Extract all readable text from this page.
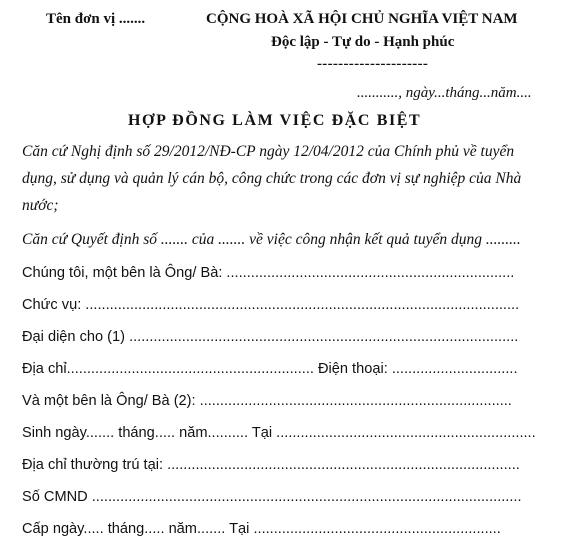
Tên đơn vị .......	CỘNG HOÀ XÃ HỘI CHỦ NGHĨA VIỆT NAM
Độc lập - Tự do - Hạnh phúc
---------------------
..........., ngày...tháng...năm....
HỢP ĐỒNG LÀM VIỆC ĐẶC BIỆT
Căn cứ Nghị định số 29/2012/NĐ-CP ngày 12/04/2012 của Chính phủ về tuyển
dụng, sử dụng và quản lý cán bộ, công chức trong các đơn vị sự nghiệp của Nhà
nước;
Căn cứ Quyết định số ....... của ....... về việc công nhận kết quả tuyển dụng .........
Chúng tôi, một bên là Ông/ Bà: .......................................................................
Chức vụ: ...........................................................................................................
Đại diện cho (1) ................................................................................................
Địa chỉ............................................................. Điện thoại: ...............................
Và một bên là Ông/ Bà (2): .............................................................................
Sinh ngày....... tháng..... năm.......... Tại ................................................................
Địa chỉ thường trú tại: .......................................................................................
Số CMND ..........................................................................................................
Cấp ngày..... tháng..... năm....... Tại .............................................................
